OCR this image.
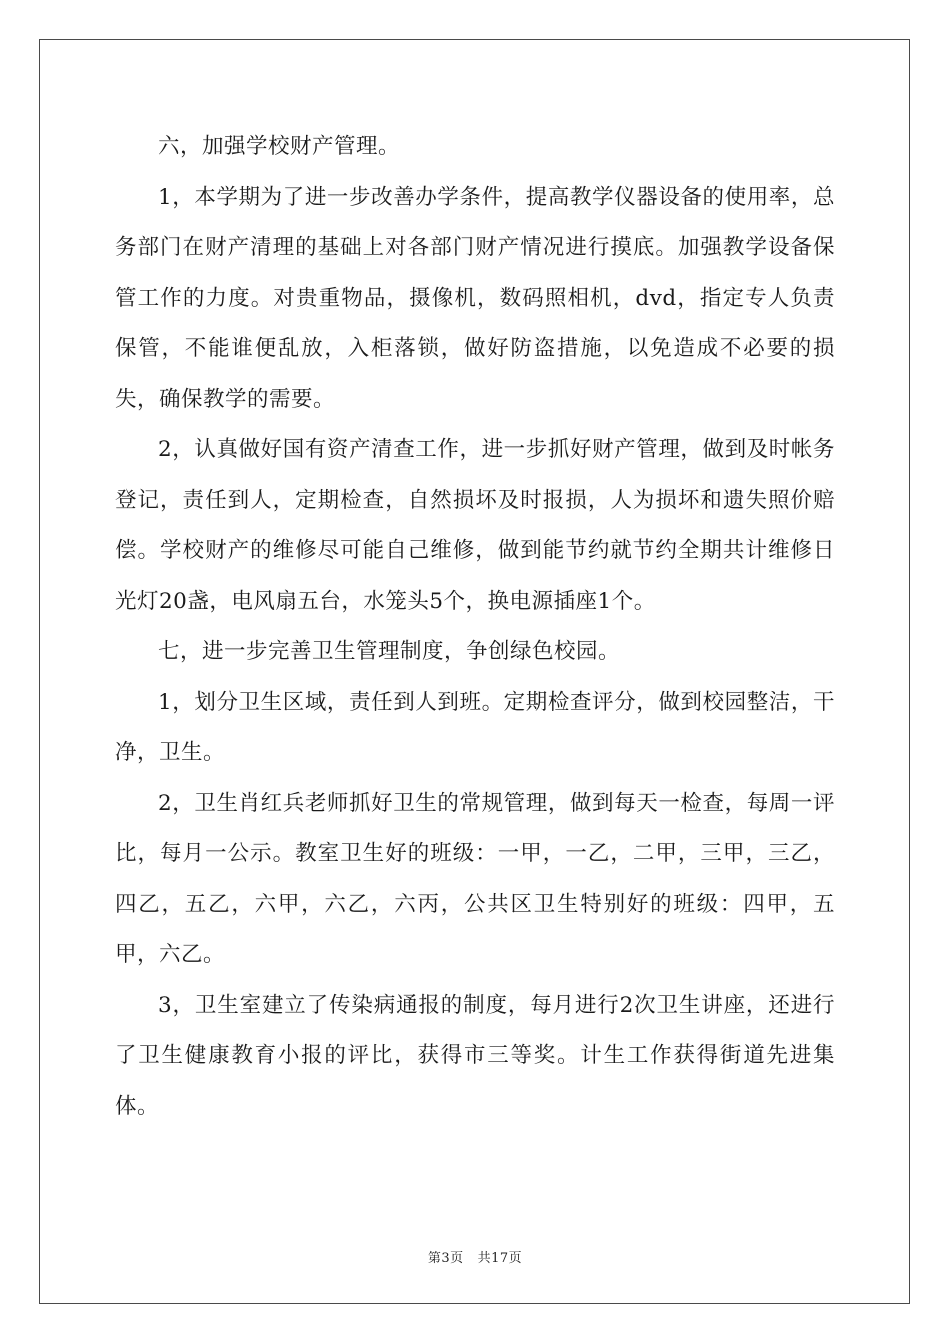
六，加强学校财产管理。

1，本学期为了进一步改善办学条件，提高教学仪器设备的使用率，总务部门在财产清理的基础上对各部门财产情况进行摸底。加强教学设备保管工作的力度。对贵重物品，摄像机，数码照相机，dvd，指定专人负责保管，不能谁便乱放，入柜落锁，做好防盗措施，以免造成不必要的损失，确保教学的需要。

2，认真做好国有资产清查工作，进一步抓好财产管理，做到及时帐务登记，责任到人，定期检查，自然损坏及时报损，人为损坏和遗失照价赔偿。学校财产的维修尽可能自己维修，做到能节约就节约全期共计维修日光灯20盏，电风扇五台，水笼头5个，换电源插座1个。

七，进一步完善卫生管理制度，争创绿色校园。

1，划分卫生区域，责任到人到班。定期检查评分，做到校园整洁，干净，卫生。

2，卫生肖红兵老师抓好卫生的常规管理，做到每天一检查，每周一评比，每月一公示。教室卫生好的班级：一甲，一乙，二甲，三甲，三乙，四乙，五乙，六甲，六乙，六丙，公共区卫生特别好的班级：四甲，五甲，六乙。

3，卫生室建立了传染病通报的制度，每月进行2次卫生讲座，还进行了卫生健康教育小报的评比，获得市三等奖。计生工作获得街道先进集体。

第3页 共17页
